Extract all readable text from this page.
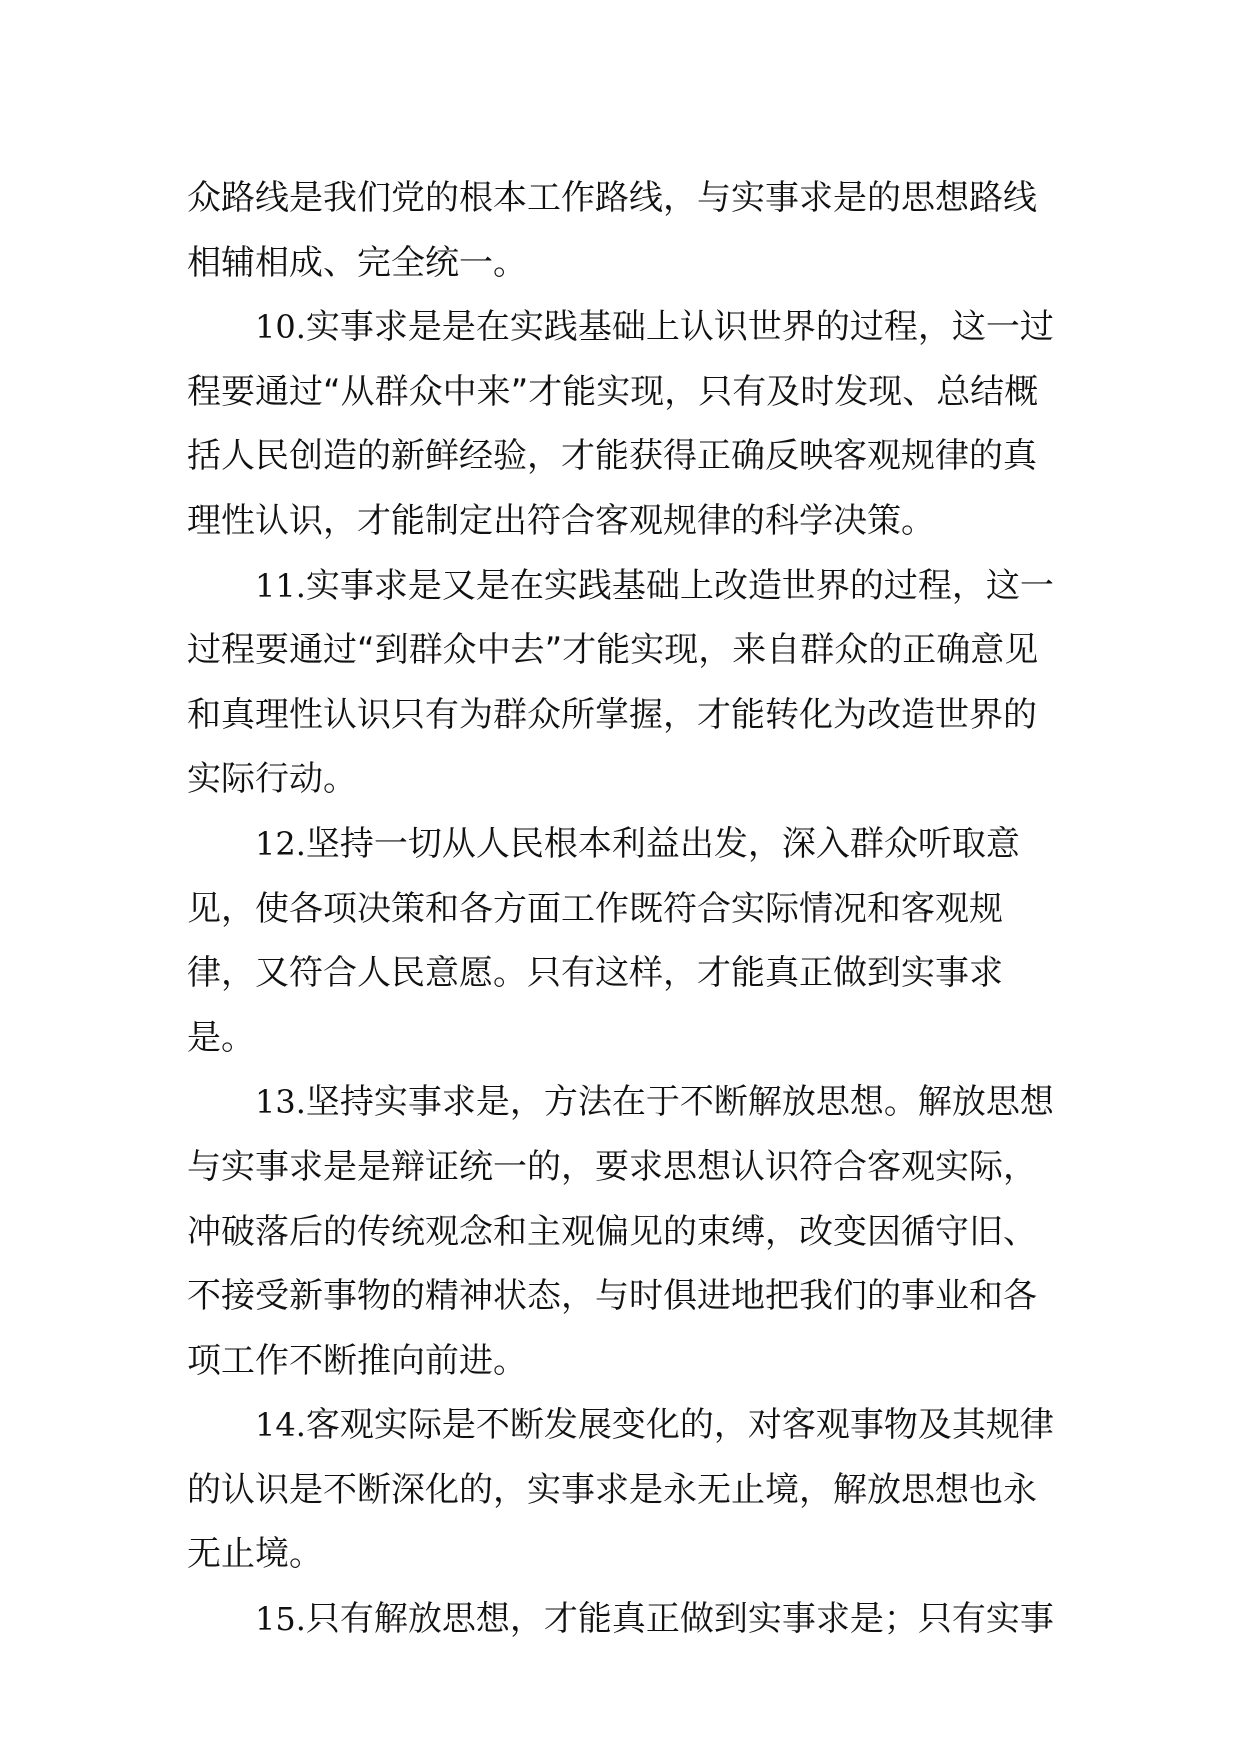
众路线是我们党的根本工作路线，与实事求是的思想路线相辅相成、完全统一。

10.实事求是是在实践基础上认识世界的过程，这一过程要通过“从群众中来”才能实现，只有及时发现、总结概括人民创造的新鲜经验，才能获得正确反映客观规律的真理性认识，才能制定出符合客观规律的科学决策。

11.实事求是又是在实践基础上改造世界的过程，这一过程要通过“到群众中去”才能实现，来自群众的正确意见和真理性认识只有为群众所掌握，才能转化为改造世界的实际行动。

12.坚持一切从人民根本利益出发，深入群众听取意见，使各项决策和各方面工作既符合实际情况和客观规律，又符合人民意愿。只有这样，才能真正做到实事求是。

13.坚持实事求是，方法在于不断解放思想。解放思想与实事求是是辩证统一的，要求思想认识符合客观实际，冲破落后的传统观念和主观偏见的束缚，改变因循守旧、不接受新事物的精神状态，与时俱进地把我们的事业和各项工作不断推向前进。

14.客观实际是不断发展变化的，对客观事物及其规律的认识是不断深化的，实事求是永无止境，解放思想也永无止境。

15.只有解放思想，才能真正做到实事求是；只有实事
